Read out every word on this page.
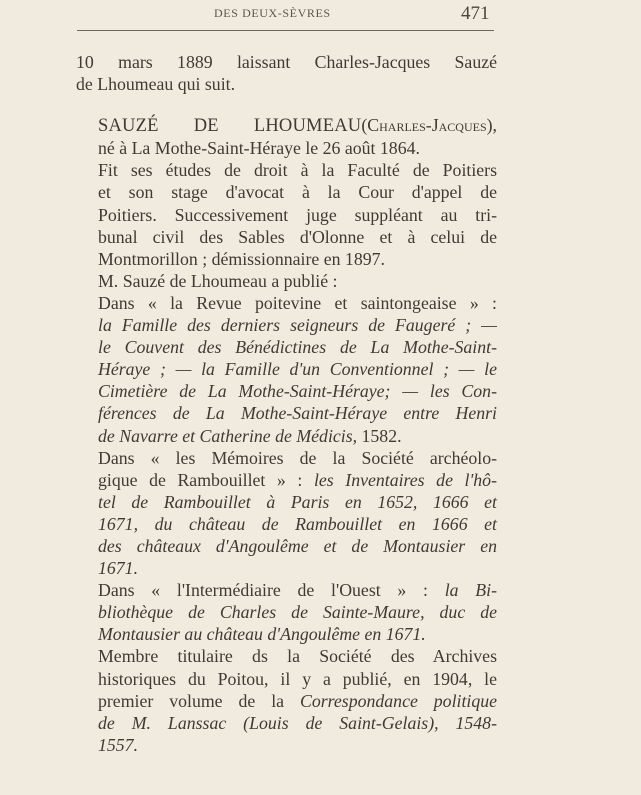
DES DEUX-SÈVRES	471

10 mars 1889 laissant Charles-Jacques Sauzé
de Lhoumeau qui suit.

SAUZÉ DE LHOUMEAU(Charles-Jacques),
né à La Mothe-Saint-Héraye le 26 août 1864.

Fit ses études de droit à la Faculté de Poitiers
et son stage d'avocat à la Cour d'appel de
Poitiers. Successivement juge suppléant au tri-
bunal civil des Sables d'Olonne et à celui de
Montmorillon ; démissionnaire en 1897.

M. Sauzé de Lhoumeau a publié :

Dans « la Revue poitevine et saintongeaise » :
la Famille des derniers seigneurs de Faugeré ; —
le Couvent des Bénédictines de La Mothe-Saint-
Héraye ; — la Famille d'un Conventionnel ; — le
Cimetière de La Mothe-Saint-Héraye; — les Con-
férences de La Mothe-Saint-Héraye entre Henri
de Navarre et Catherine de Médicis, 1582.

Dans « les Mémoires de la Société archéolo-
gique de Rambouillet » : les Inventaires de l'hô-
tel de Rambouillet à Paris en 1652, 1666 et
1671, du château de Rambouillet en 1666 et
des châteaux d'Angoulême et de Montausier en
1671.

Dans « l'Intermédiaire de l'Ouest » : la Bi-
bliothèque de Charles de Sainte-Maure, duc de
Montausier au château d'Angoulême en 1671.

Membre titulaire ds la Société des Archives
historiques du Poitou, il y a publié, en 1904, le
premier volume de la Correspondance politique
de M. Lanssac (Louis de Saint-Gelais), 1548-
1557.
